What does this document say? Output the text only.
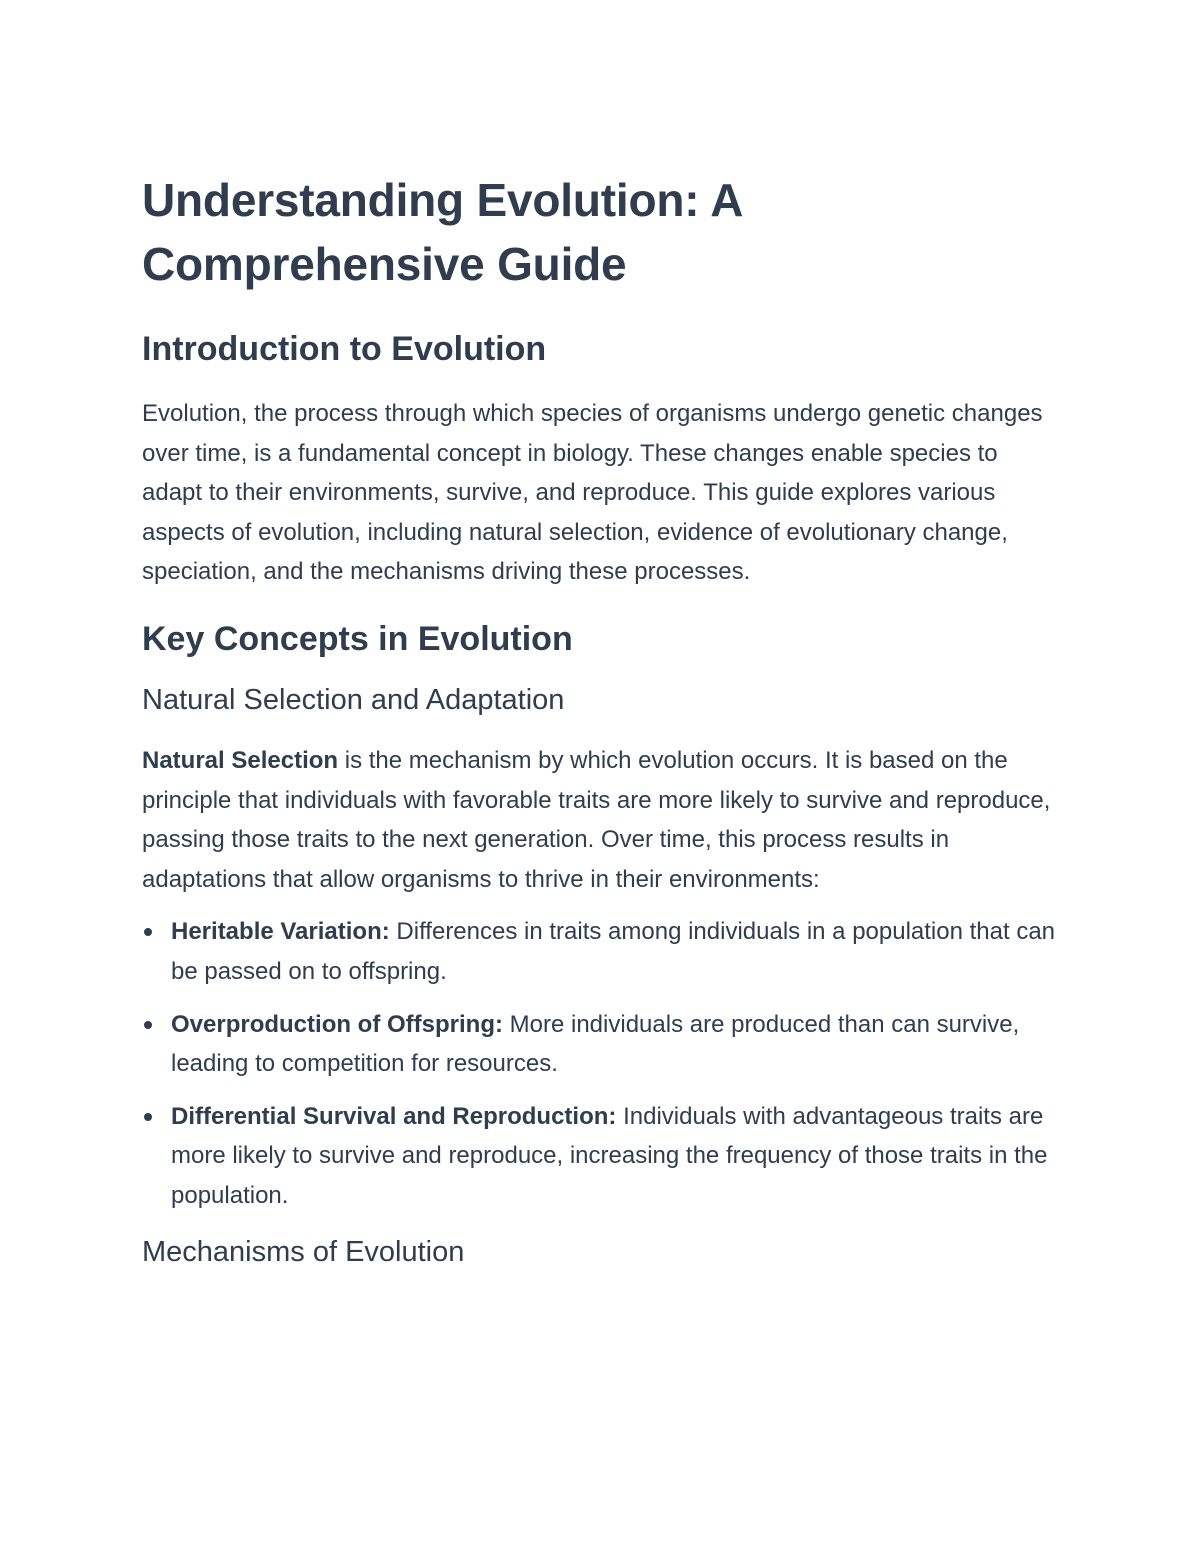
Understanding Evolution: A Comprehensive Guide
Introduction to Evolution

Evolution, the process through which species of organisms undergo genetic changes over time, is a fundamental concept in biology. These changes enable species to adapt to their environments, survive, and reproduce. This guide explores various aspects of evolution, including natural selection, evidence of evolutionary change, speciation, and the mechanisms driving these processes.

Key Concepts in Evolution
Natural Selection and Adaptation

Natural Selection is the mechanism by which evolution occurs. It is based on the principle that individuals with favorable traits are more likely to survive and reproduce, passing those traits to the next generation. Over time, this process results in adaptations that allow organisms to thrive in their environments:

Heritable Variation: Differences in traits among individuals in a population that can be passed on to offspring.
Overproduction of Offspring: More individuals are produced than can survive, leading to competition for resources.
Differential Survival and Reproduction: Individuals with advantageous traits are more likely to survive and reproduce, increasing the frequency of those traits in the population.
Mechanisms of Evolution
